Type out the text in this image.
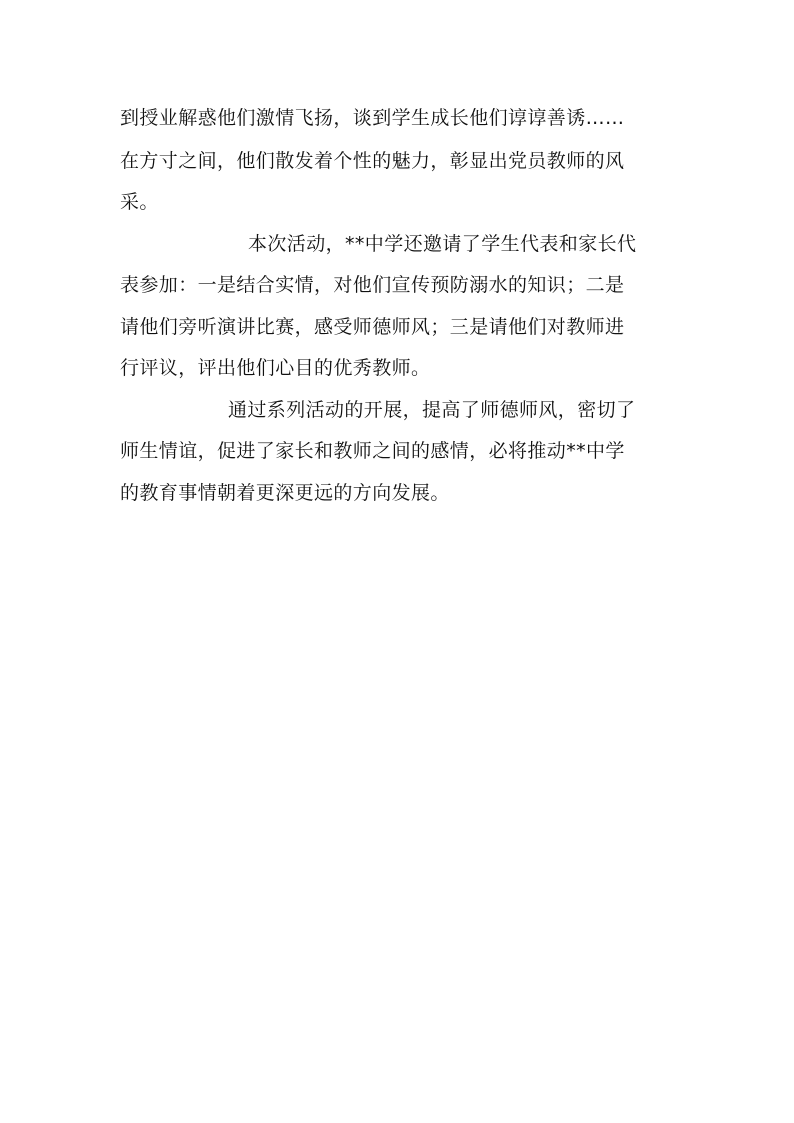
到授业解惑他们激情飞扬，谈到学生成长他们谆谆善诱……
在方寸之间，他们散发着个性的魅力，彰显出党员教师的风
采。
本次活动，**中学还邀请了学生代表和家长代
表参加：一是结合实情，对他们宣传预防溺水的知识；二是
请他们旁听演讲比赛，感受师德师风；三是请他们对教师进
行评议，评出他们心目的优秀教师。
通过系列活动的开展，提高了师德师风，密切了
师生情谊，促进了家长和教师之间的感情，必将推动**中学
的教育事情朝着更深更远的方向发展。
